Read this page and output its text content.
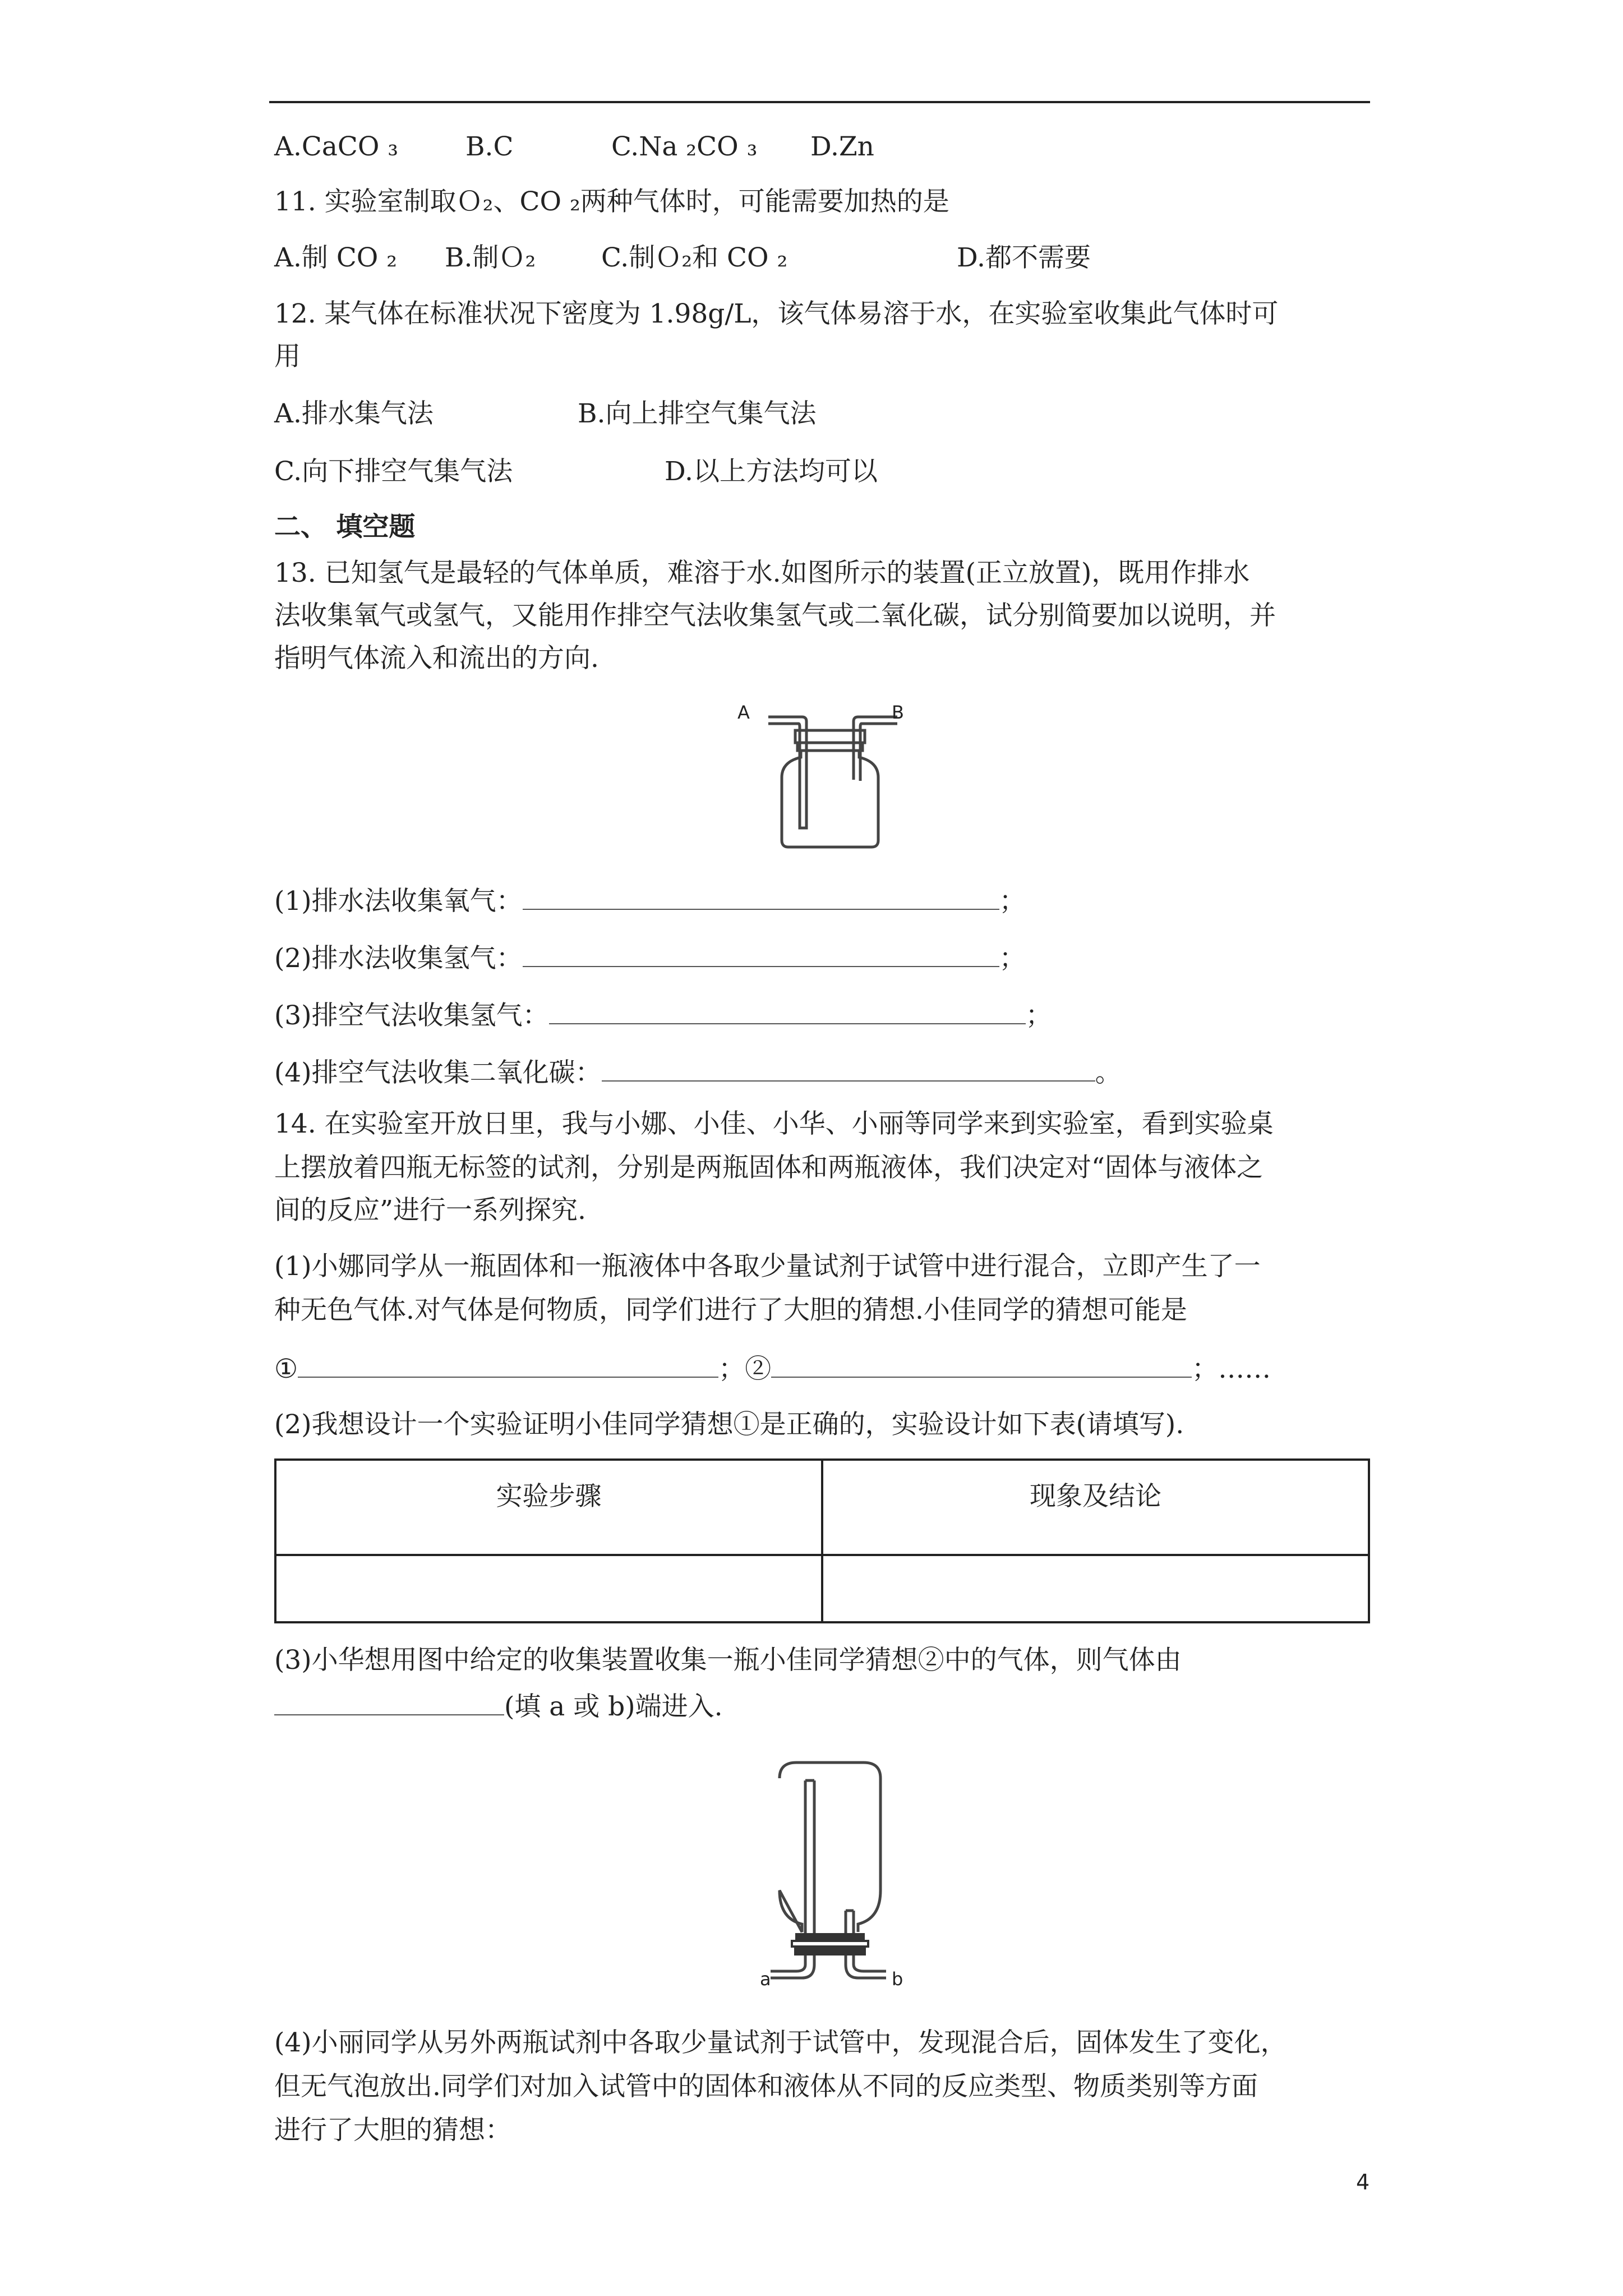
A.CaCO ₃	B.C	C.Na ₂CO ₃ D.Zn
11. 实验室制取Ｏ₂、CO ₂两种气体时，可能需要加热的是
A.制 CO ₂ B.制Ｏ₂ C.制Ｏ₂和 CO ₂	D.都不需要
12. 某气体在标准状况下密度为 1.98g/L，该气体易溶于水，在实验室收集此气体时可
用
A.排水集气法	B.向上排空气集气法
C.向下排空气集气法	D.以上方法均可以
二、 填空题
13. 已知氢气是最轻的气体单质，难溶于水.如图所示的装置(正立放置)，既用作排水
法收集氧气或氢气，又能用作排空气法收集氢气或二氧化碳，试分别简要加以说明，并
指明气体流入和流出的方向.
A	B
(1)排水法收集氧气：	；
(2)排水法收集氢气：	；
(3)排空气法收集氢气：	；
(4)排空气法收集二氧化碳：	。
14. 在实验室开放日里，我与小娜、小佳、小华、小丽等同学来到实验室，看到实验桌
上摆放着四瓶无标签的试剂，分别是两瓶固体和两瓶液体，我们决定对“固体与液体之
间的反应”进行一系列探究.
(1)小娜同学从一瓶固体和一瓶液体中各取少量试剂于试管中进行混合，立即产生了一
种无色气体.对气体是何物质，同学们进行了大胆的猜想.小佳同学的猜想可能是
①	；②	；……
(2)我想设计一个实验证明小佳同学猜想①是正确的，实验设计如下表(请填写).
实验步骤	现象及结论

(3)小华想用图中给定的收集装置收集一瓶小佳同学猜想②中的气体，则气体由
(填 a 或 b)端进入.
a	b
(4)小丽同学从另外两瓶试剂中各取少量试剂于试管中，发现混合后，固体发生了变化，
但无气泡放出.同学们对加入试管中的固体和液体从不同的反应类型、物质类别等方面
进行了大胆的猜想：
4
